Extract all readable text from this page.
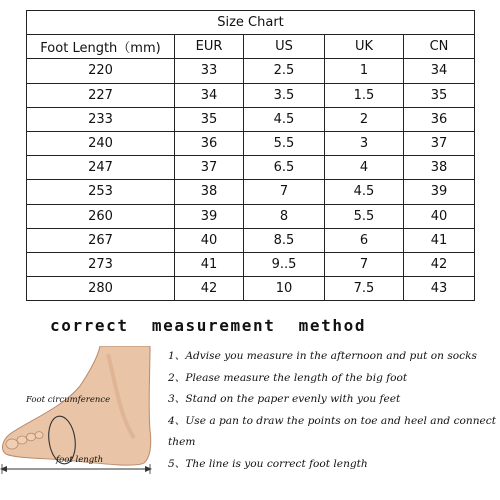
Size Chart				
Foot Length（mm)	EUR	US	UK	CN
220	33	2.5	1	34
227	34	3.5	1.5	35
233	35	4.5	2	36
240	36	5.5	3	37
247	37	6.5	4	38
253	38	7	4.5	39
260	39	8	5.5	40
267	40	8.5	6	41
273	41	9..5	7	42
280	42	10	7.5	43
correct measurement method
Foot circumference
foot length
1、Advise you measure in the afternoon and put on socks
2、Please measure the length of the big foot
3、Stand on the paper evenly with you feet
4、Use a pan to draw the points on toe and heel and connect them
5、The line is you correct foot length
